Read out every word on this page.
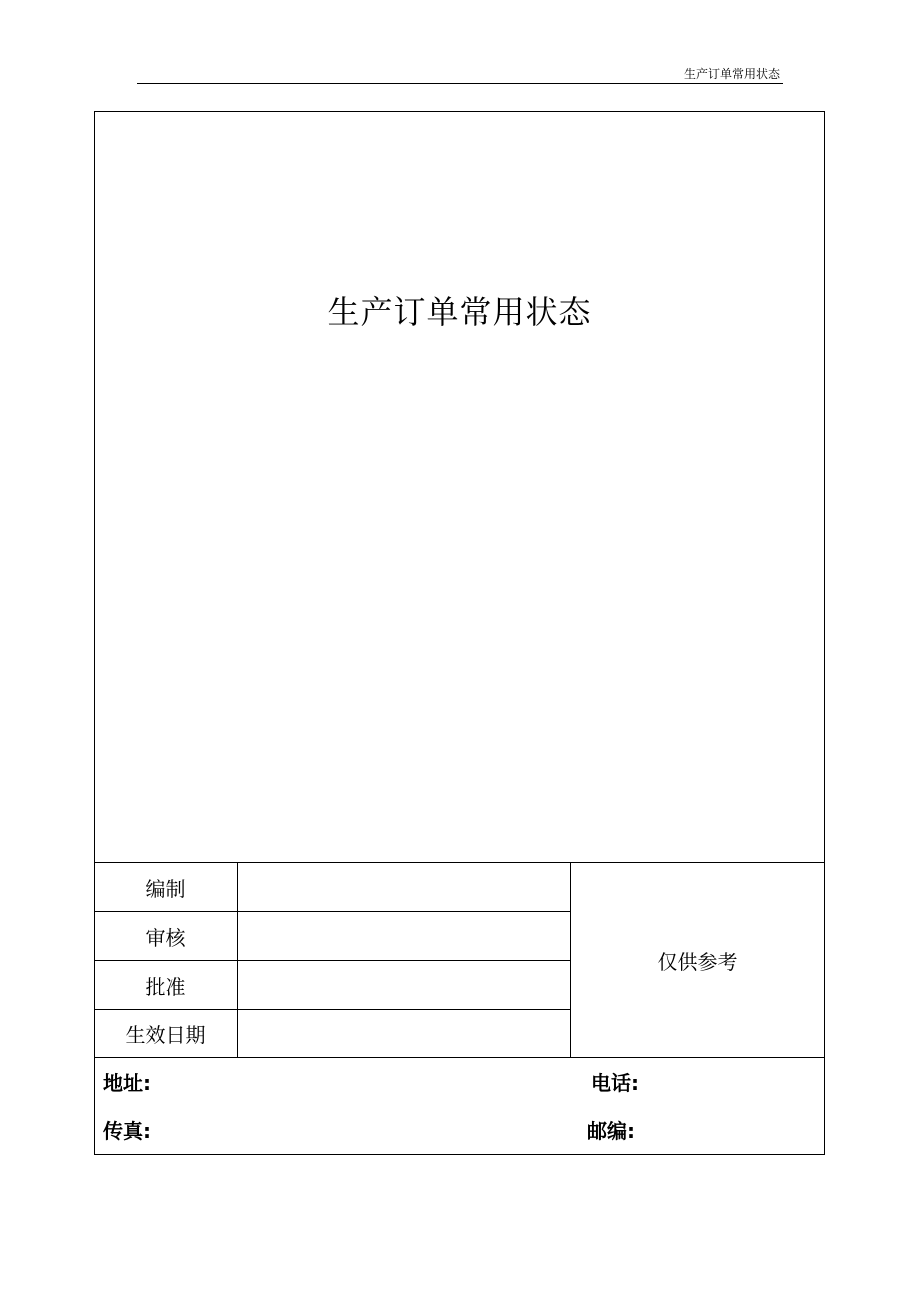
生产订单常用状态
生产订单常用状态
编制
审核
批准
生效日期
仅供参考
地址:	电话:
传真:	邮编:
